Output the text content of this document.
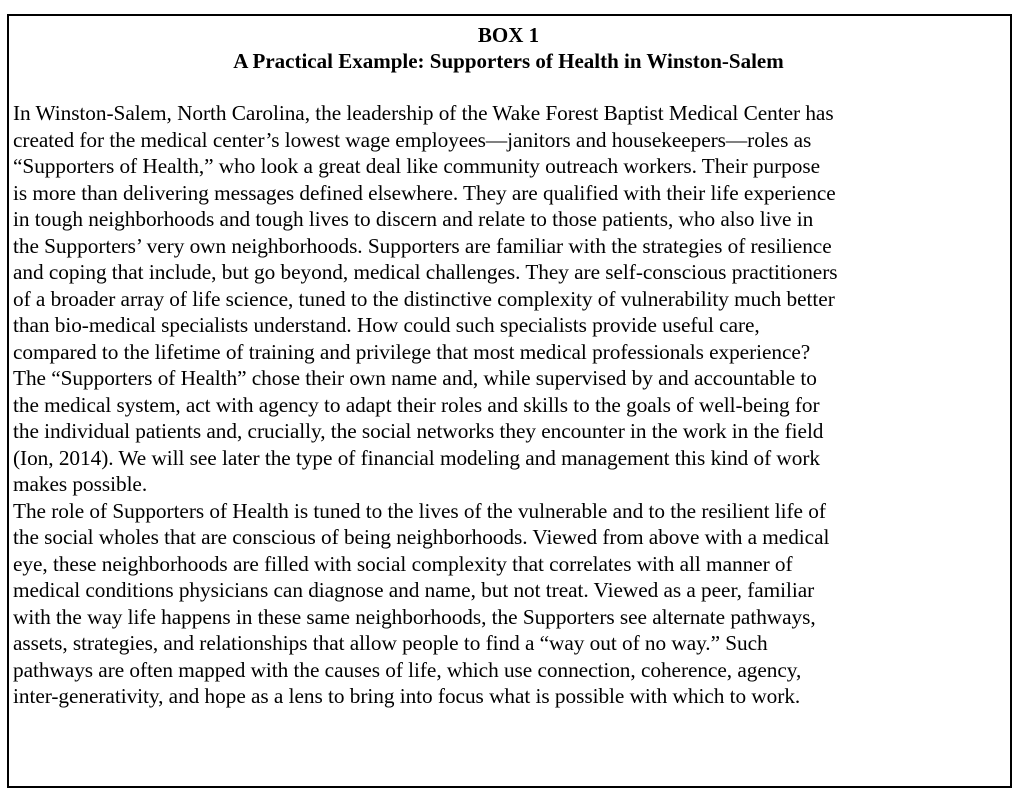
BOX 1

A Practical Example: Supporters of Health in Winston-Salem

In Winston-Salem, North Carolina, the leadership of the Wake Forest Baptist Medical Center has
created for the medical center’s lowest wage employees—janitors and housekeepers—roles as
“Supporters of Health,” who look a great deal like community outreach workers. Their purpose
is more than delivering messages defined elsewhere. They are qualified with their life experience
in tough neighborhoods and tough lives to discern and relate to those patients, who also live in
the Supporters’ very own neighborhoods. Supporters are familiar with the strategies of resilience
and coping that include, but go beyond, medical challenges. They are self-conscious practitioners
of a broader array of life science, tuned to the distinctive complexity of vulnerability much better
than bio-medical specialists understand. How could such specialists provide useful care,
compared to the lifetime of training and privilege that most medical professionals experience?

The “Supporters of Health” chose their own name and, while supervised by and accountable to
the medical system, act with agency to adapt their roles and skills to the goals of well-being for
the individual patients and, crucially, the social networks they encounter in the work in the field
(Ion, 2014). We will see later the type of financial modeling and management this kind of work
makes possible.

The role of Supporters of Health is tuned to the lives of the vulnerable and to the resilient life of
the social wholes that are conscious of being neighborhoods. Viewed from above with a medical
eye, these neighborhoods are filled with social complexity that correlates with all manner of
medical conditions physicians can diagnose and name, but not treat. Viewed as a peer, familiar
with the way life happens in these same neighborhoods, the Supporters see alternate pathways,
assets, strategies, and relationships that allow people to find a “way out of no way.” Such
pathways are often mapped with the causes of life, which use connection, coherence, agency,
inter-generativity, and hope as a lens to bring into focus what is possible with which to work.
